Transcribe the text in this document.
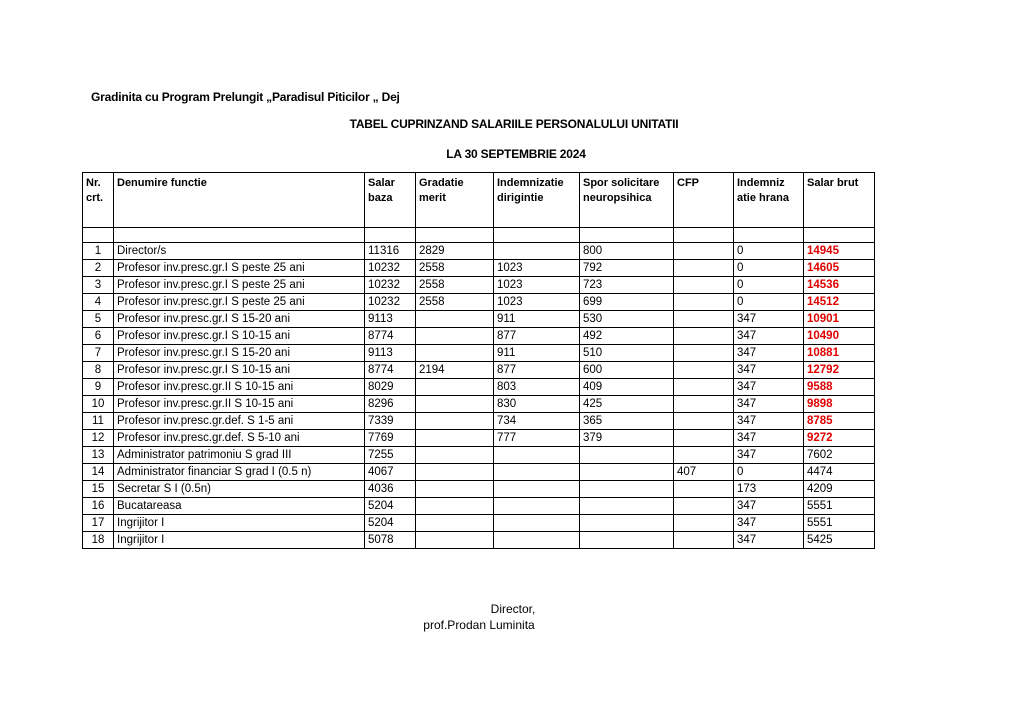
Gradinita cu Program Prelungit „Paradisul Piticilor „ Dej
TABEL CUPRINZAND SALARIILE PERSONALULUI UNITATII
LA 30 SEPTEMBRIE 2024
Nr. crt.	Denumire functie	Salar baza	Gradatie merit	Indemnizatie dirigintie	Spor solicitare neuropsihica	CFP	Indemniz atie hrana	Salar brut

1	Director/s	11316	2829		800		0	14945
2	Profesor inv.presc.gr.I S peste 25 ani	10232	2558	1023	792		0	14605
3	Profesor inv.presc.gr.I S peste 25 ani	10232	2558	1023	723		0	14536
4	Profesor inv.presc.gr.I S peste 25 ani	10232	2558	1023	699		0	14512
5	Profesor inv.presc.gr.I S 15-20 ani	9113		911	530		347	10901
6	Profesor inv.presc.gr.I S 10-15 ani	8774		877	492		347	10490
7	Profesor inv.presc.gr.I S 15-20 ani	9113		911	510		347	10881
8	Profesor inv.presc.gr.I S 10-15 ani	8774	2194	877	600		347	12792
9	Profesor inv.presc.gr.II S 10-15 ani	8029		803	409		347	9588
10	Profesor inv.presc.gr.II S 10-15 ani	8296		830	425		347	9898
11	Profesor inv.presc.gr.def. S 1-5 ani	7339		734	365		347	8785
12	Profesor inv.presc.gr.def. S 5-10 ani	7769		777	379		347	9272
13	Administrator patrimoniu S grad III	7255					347	7602
14	Administrator financiar S grad I (0.5 n)	4067				407	0	4474
15	Secretar S I (0.5n)	4036					173	4209
16	Bucatareasa	5204					347	5551
17	Ingrijitor I	5204					347	5551
18	Ingrijitor I	5078					347	5425
Director,
prof.Prodan Luminita
